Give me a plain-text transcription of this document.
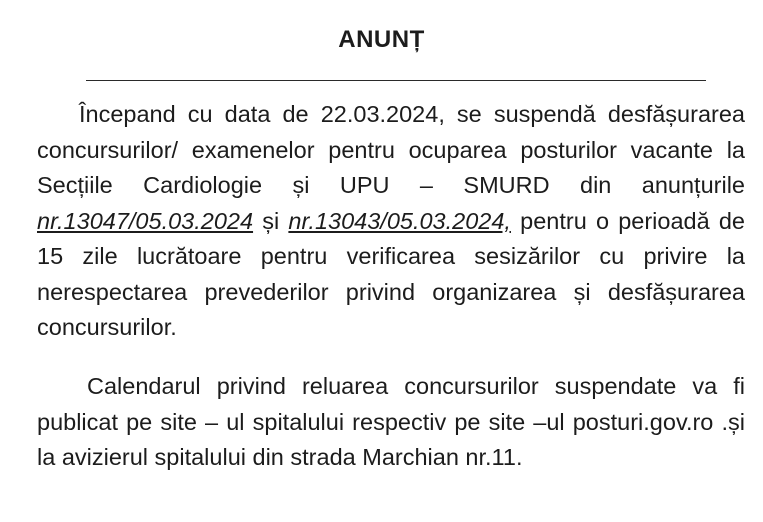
ANUNȚ

Începand cu data de 22.03.2024, se suspendă desfășurarea concursurilor/ examenelor pentru ocuparea posturilor vacante la Secțiile Cardiologie și UPU – SMURD din anunțurile nr.13047/05.03.2024 și nr.13043/05.03.2024, pentru o perioadă de 15 zile lucrătoare pentru verificarea sesizărilor cu privire la nerespectarea prevederilor privind organizarea și desfășurarea concursurilor.

Calendarul privind reluarea concursurilor suspendate va fi publicat pe site – ul spitalului respectiv pe site –ul posturi.gov.ro .și la avizierul spitalului din strada Marchian nr.11.
